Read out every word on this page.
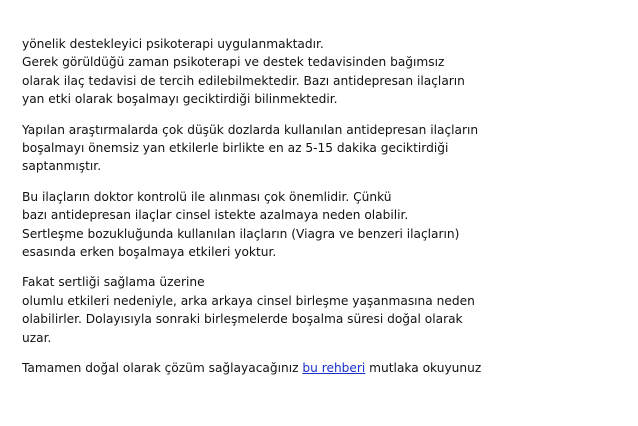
yönelik destekleyici psikoterapi uygulanmaktadır.
Gerek görüldüğü zaman psikoterapi ve destek tedavisinden bağımsız
olarak ilaç tedavisi de tercih edilebilmektedir. Bazı antidepresan ilaçların
yan etki olarak boşalmayı geciktirdiği bilinmektedir.
Yapılan araştırmalarda çok düşük dozlarda kullanılan antidepresan ilaçların
boşalmayı önemsiz yan etkilerle birlikte en az 5-15 dakika geciktirdiği
saptanmıştır.
Bu ilaçların doktor kontrolü ile alınması çok önemlidir. Çünkü
bazı antidepresan ilaçlar cinsel istekte azalmaya neden olabilir.
Sertleşme bozukluğunda kullanılan ilaçların (Viagra ve benzeri ilaçların)
esasında erken boşalmaya etkileri yoktur.
Fakat sertliği sağlama üzerine
olumlu etkileri nedeniyle, arka arkaya cinsel birleşme yaşanmasına neden
olabilirler. Dolayısıyla sonraki birleşmelerde boşalma süresi doğal olarak
uzar.
Tamamen doğal olarak çözüm sağlayacağınız bu rehberi mutlaka okuyunuz
